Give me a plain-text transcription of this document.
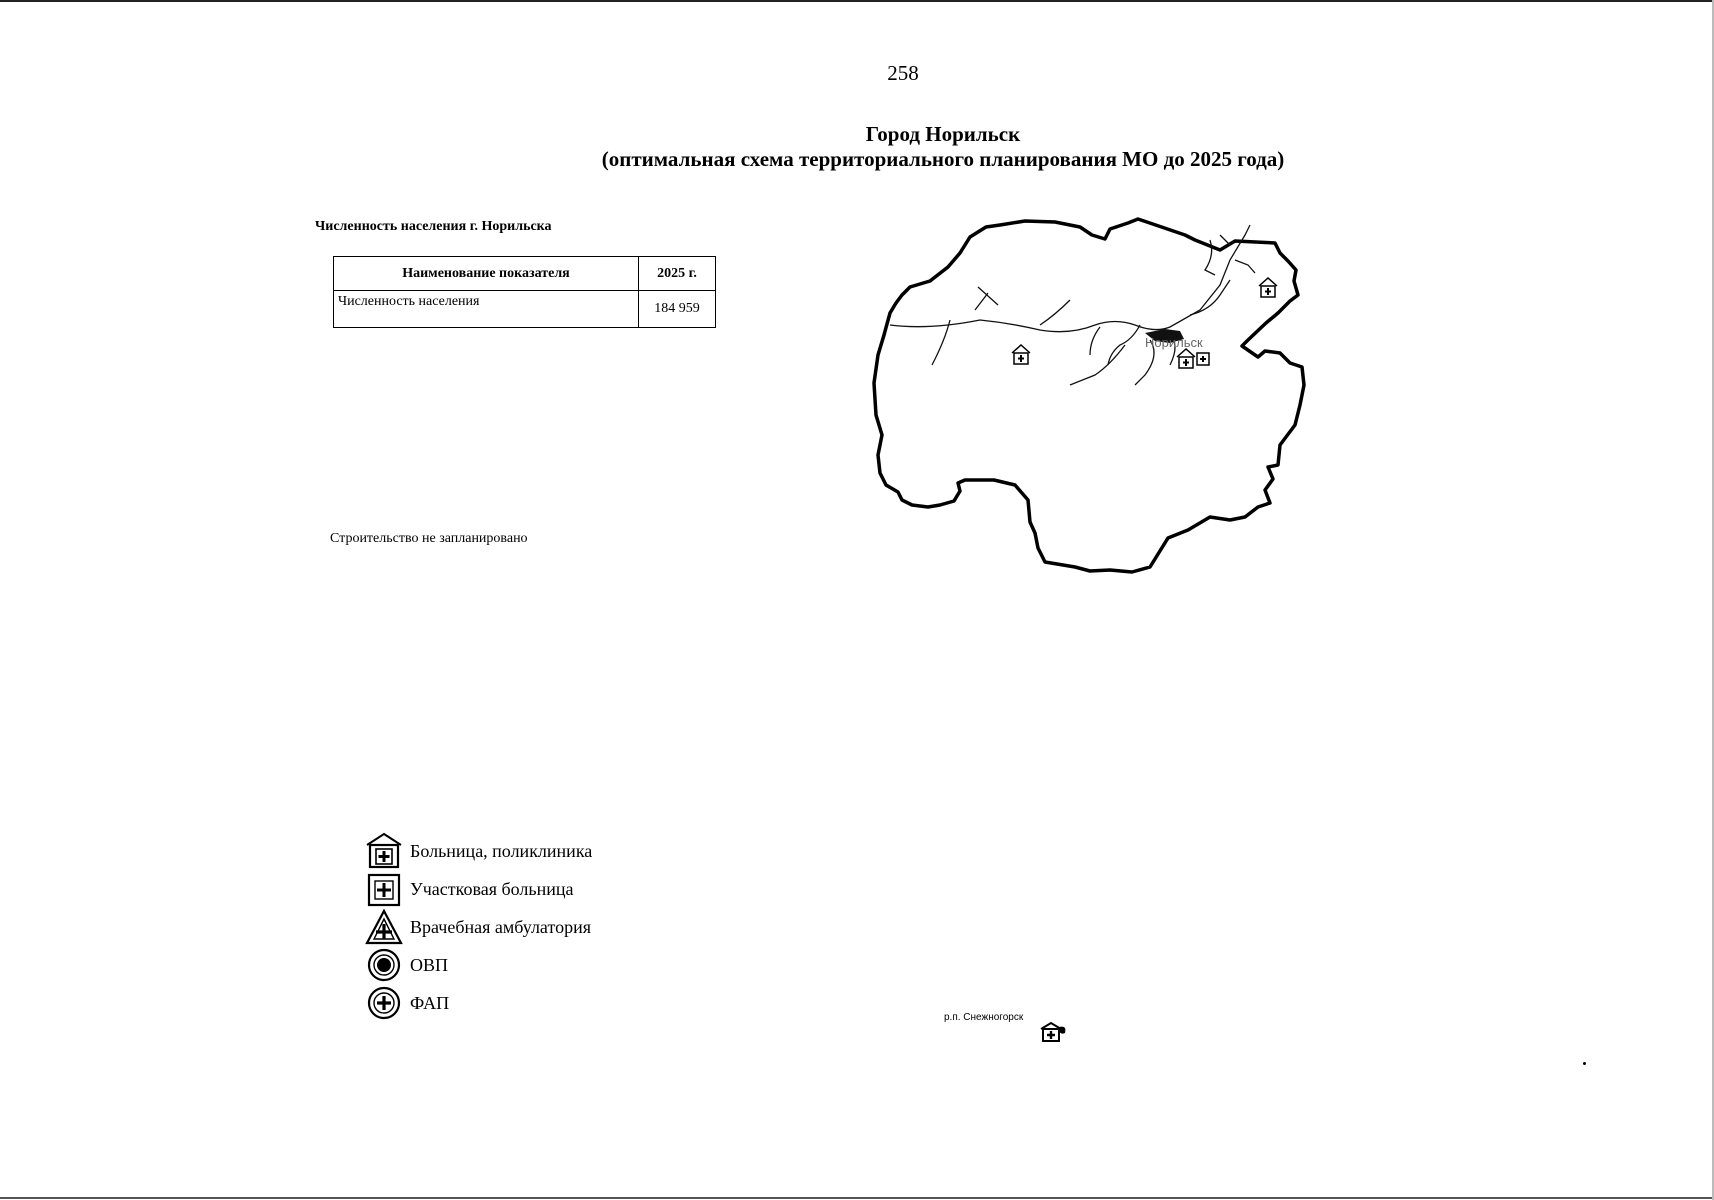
258
Город Норильск
(оптимальная схема территориального планирования МО до 2025 года)
Численность населения г. Норильска
Наименование показателя	2025 г.
Численность населения	184 959
Строительство не запланировано
Норильск
р.п. Снежногорск
Больница, поликлиника
Участковая больница
Врачебная амбулатория
ОВП
ФАП
